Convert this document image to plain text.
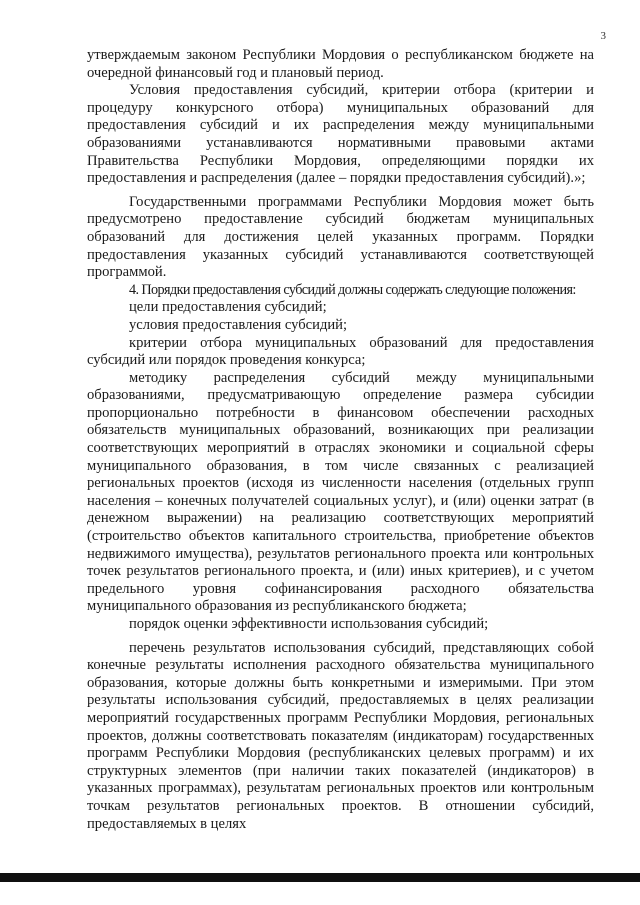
3

утверждаемым законом Республики Мордовия о республиканском бюджете на очередной финансовый год и плановый период.

Условия предоставления субсидий, критерии отбора (критерии и процедуру конкурсного отбора) муниципальных образований для предоставления субсидий и их распределения между муниципальными образованиями устанавливаются нормативными правовыми актами Правительства Республики Мордовия, определяющими порядки их предоставления и распределения (далее – порядки предоставления субсидий).»;

Государственными программами Республики Мордовия может быть предусмотрено предоставление субсидий бюджетам муниципальных образований для достижения целей указанных программ. Порядки предоставления указанных субсидий устанавливаются соответствующей программой.

4. Порядки предоставления субсидий должны содержать следующие положения:

цели предоставления субсидий;

условия предоставления субсидий;

критерии отбора муниципальных образований для предоставления субсидий или порядок проведения конкурса;

методику распределения субсидий между муниципальными образованиями, предусматривающую определение размера субсидии пропорционально потребности в финансовом обеспечении расходных обязательств муниципальных образований, возникающих при реализации соответствующих мероприятий в отраслях экономики и социальной сферы муниципального образования, в том числе связанных с реализацией региональных проектов (исходя из численности населения (отдельных групп населения – конечных получателей социальных услуг), и (или) оценки затрат (в денежном выражении) на реализацию соответствующих мероприятий (строительство объектов капитального строительства, приобретение объектов недвижимого имущества), результатов регионального проекта или контрольных точек результатов регионального проекта, и (или) иных критериев), и с учетом предельного уровня софинансирования расходного обязательства муниципального образования из республиканского бюджета;

порядок оценки эффективности использования субсидий;

перечень результатов использования субсидий, представляющих собой конечные результаты исполнения расходного обязательства муниципального образования, которые должны быть конкретными и измеримыми. При этом результаты использования субсидий, предоставляемых в целях реализации мероприятий государственных программ Республики Мордовия, региональных проектов, должны соответствовать показателям (индикаторам) государственных программ Республики Мордовия (республиканских целевых программ) и их структурных элементов (при наличии таких показателей (индикаторов) в указанных программах), результатам региональных проектов или контрольным точкам результатов региональных проектов. В отношении субсидий, предоставляемых в целях
